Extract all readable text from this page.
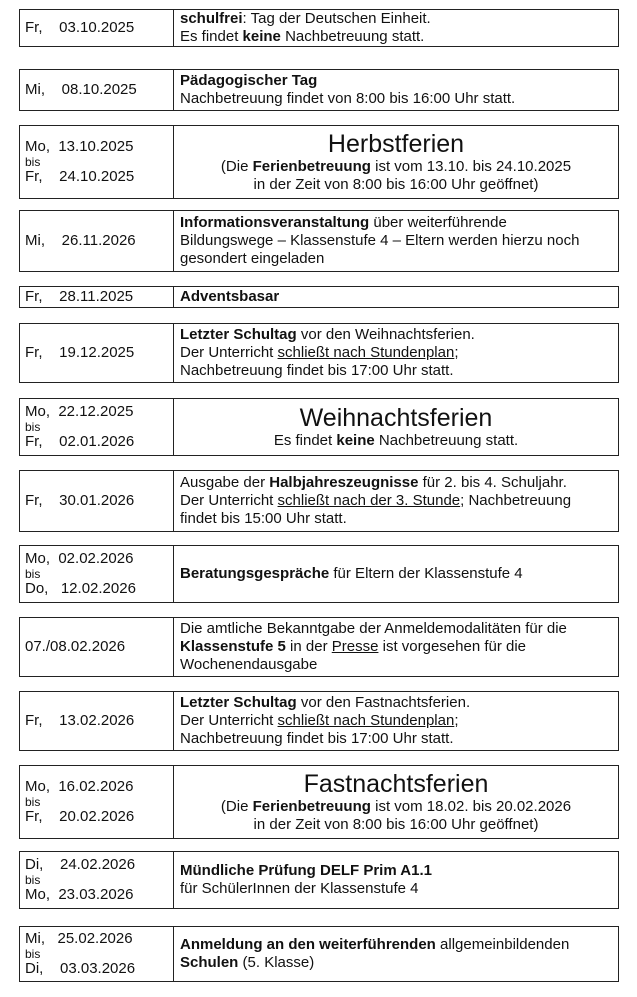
Fr,    03.10.2025
schulfrei: Tag der Deutschen Einheit.
Es findet keine Nachbetreuung statt.
Mi,    08.10.2025
Pädagogischer Tag
Nachbetreuung findet von 8:00 bis 16:00 Uhr statt.
Mo,  13.10.2025
bis
Fr,    24.10.2025
Herbstferien
(Die Ferienbetreuung ist vom 13.10. bis 24.10.2025
in der Zeit von 8:00 bis 16:00 Uhr geöffnet)
Mi,    26.11.2026
Informationsveranstaltung über weiterführende
Bildungswege – Klassenstufe 4 – Eltern werden hierzu noch
gesondert eingeladen
Fr,    28.11.2025	Adventsbasar
Fr,    19.12.2025
Letzter Schultag vor den Weihnachtsferien.
Der Unterricht schließt nach Stundenplan;
Nachbetreuung findet bis 17:00 Uhr statt.
Mo,  22.12.2025
bis
Fr,    02.01.2026
Weihnachtsferien
Es findet keine Nachbetreuung statt.
Fr,    30.01.2026
Ausgabe der Halbjahreszeugnisse für 2. bis 4. Schuljahr.
Der Unterricht schließt nach der 3. Stunde; Nachbetreuung
findet bis 15:00 Uhr statt.
Mo,  02.02.2026
bis
Do,   12.02.2026
Beratungsgespräche für Eltern der Klassenstufe 4
07./08.02.2026
Die amtliche Bekanntgabe der Anmeldemodalitäten für die
Klassenstufe 5 in der Presse ist vorgesehen für die
Wochenendausgabe
Fr,    13.02.2026
Letzter Schultag vor den Fastnachtsferien.
Der Unterricht schließt nach Stundenplan;
Nachbetreuung findet bis 17:00 Uhr statt.
Mo,  16.02.2026
bis
Fr,    20.02.2026
Fastnachtsferien
(Die Ferienbetreuung ist vom 18.02. bis 20.02.2026
in der Zeit von 8:00 bis 16:00 Uhr geöffnet)
Di,    24.02.2026
bis
Mo,  23.03.2026
Mündliche Prüfung DELF Prim A1.1
für SchülerInnen der Klassenstufe 4
Mi,   25.02.2026
bis
Di,    03.03.2026
Anmeldung an den weiterführenden allgemeinbildenden
Schulen (5. Klasse)
